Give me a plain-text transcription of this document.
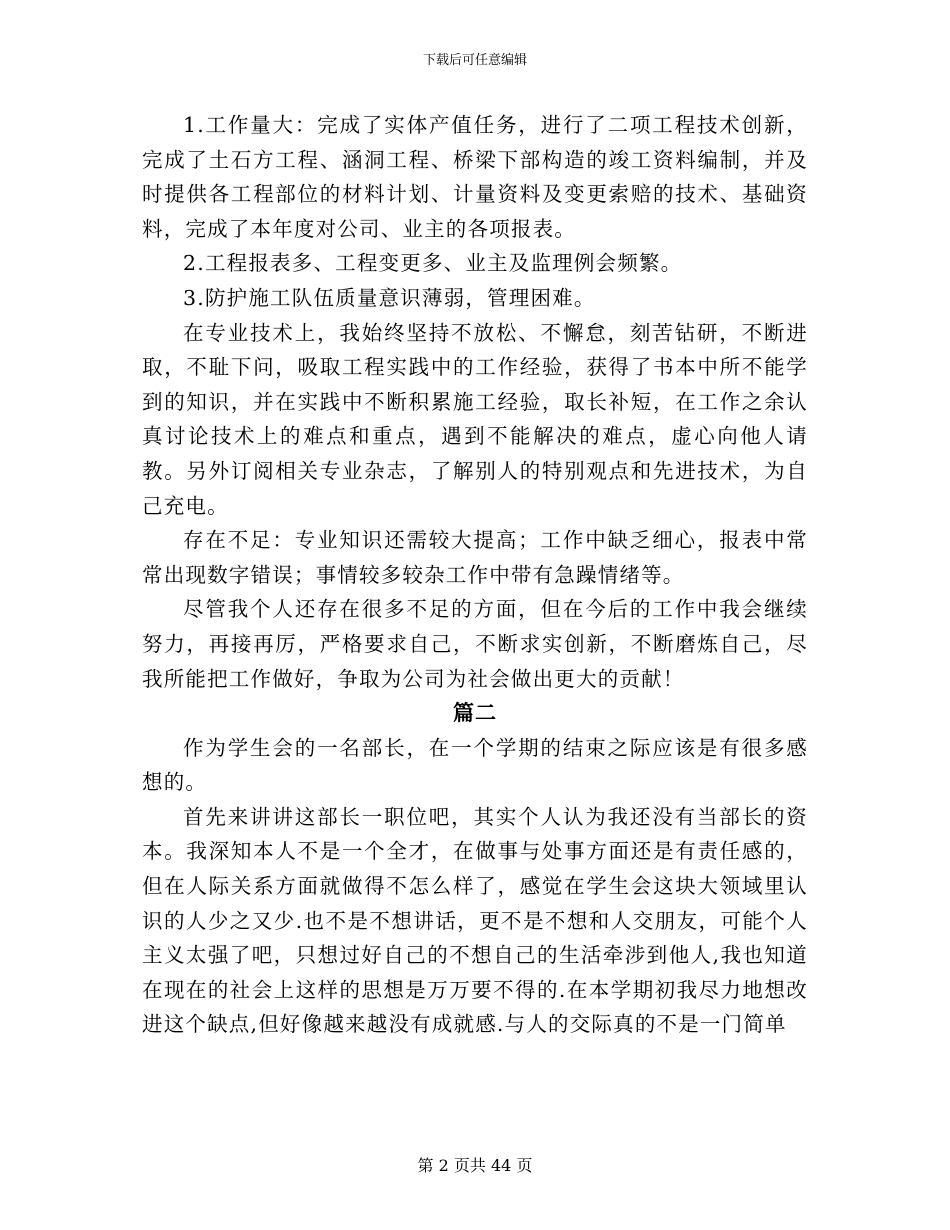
下载后可任意编辑

1.工作量大：完成了实体产值任务，进行了二项工程技术创新，完成了土石方工程、涵洞工程、桥梁下部构造的竣工资料编制，并及时提供各工程部位的材料计划、计量资料及变更索赔的技术、基础资料，完成了本年度对公司、业主的各项报表。

2.工程报表多、工程变更多、业主及监理例会频繁。

3.防护施工队伍质量意识薄弱，管理困难。

在专业技术上，我始终坚持不放松、不懈怠，刻苦钻研，不断进取，不耻下问，吸取工程实践中的工作经验，获得了书本中所不能学到的知识，并在实践中不断积累施工经验，取长补短，在工作之余认真讨论技术上的难点和重点，遇到不能解决的难点，虚心向他人请教。另外订阅相关专业杂志，了解别人的特别观点和先进技术，为自己充电。

存在不足：专业知识还需较大提高；工作中缺乏细心，报表中常常出现数字错误；事情较多较杂工作中带有急躁情绪等。

尽管我个人还存在很多不足的方面，但在今后的工作中我会继续努力，再接再厉，严格要求自己，不断求实创新，不断磨炼自己，尽我所能把工作做好，争取为公司为社会做出更大的贡献！

篇二

作为学生会的一名部长，在一个学期的结束之际应该是有很多感想的。

首先来讲讲这部长一职位吧，其实个人认为我还没有当部长的资本。我深知本人不是一个全才，在做事与处事方面还是有责任感的，但在人际关系方面就做得不怎么样了，感觉在学生会这块大领域里认识的人少之又少.也不是不想讲话，更不是不想和人交朋友，可能个人主义太强了吧，只想过好自己的不想自己的生活牵涉到他人,我也知道在现在的社会上这样的思想是万万要不得的.在本学期初我尽力地想改进这个缺点,但好像越来越没有成就感.与人的交际真的不是一门简单

第 2 页共 44 页
